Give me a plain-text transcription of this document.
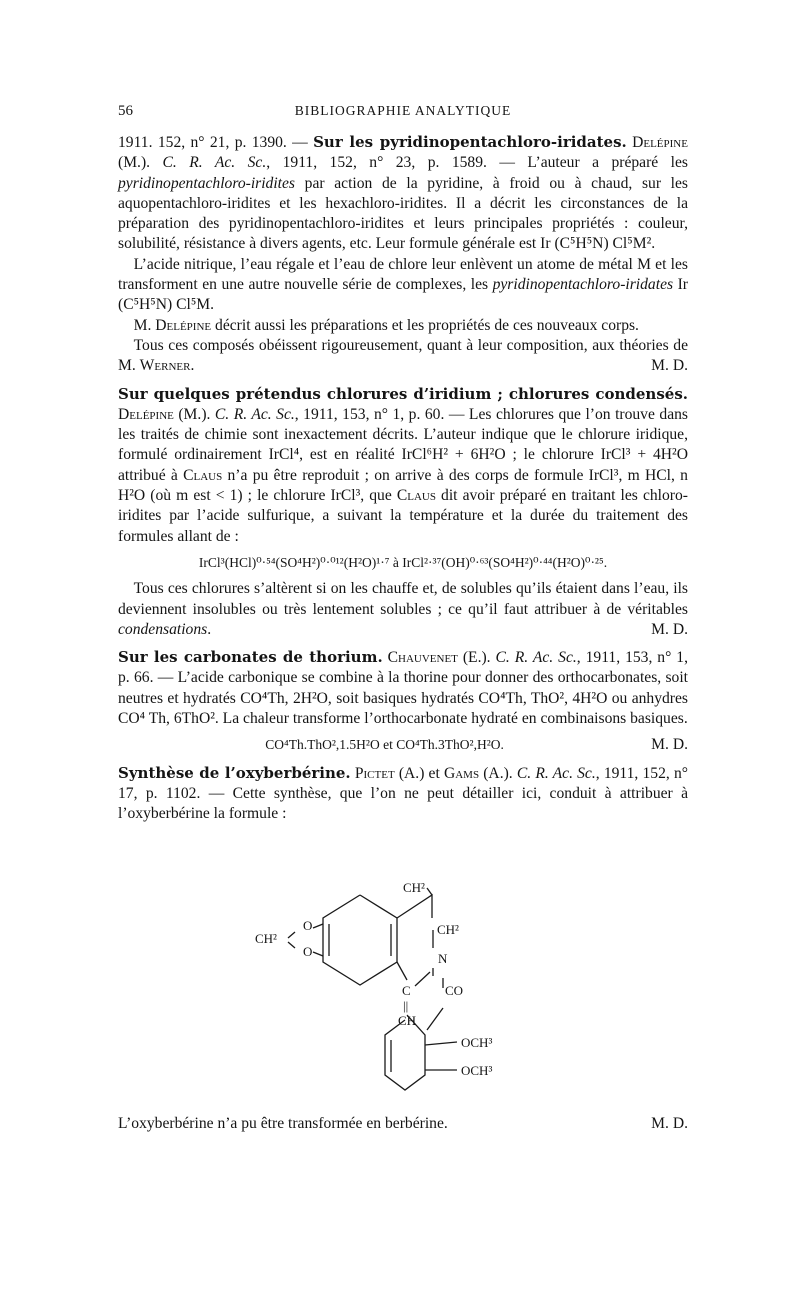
56	BIBLIOGRAPHIE ANALYTIQUE

1911. 152, n° 21, p. 1390. — Sur les pyridinopentachloro-iridates. Delépine (M.). C. R. Ac. Sc., 1911, 152, n° 23, p. 1589. — L’auteur a préparé les pyridinopentachloro-iridites par action de la pyridine, à froid ou à chaud, sur les aquopentachloro-iridites et les hexachloro-iridites. Il a décrit les circonstances de la préparation des pyridinopentachloro-iridites et leurs principales propriétés : couleur, solubilité, résistance à divers agents, etc. Leur formule générale est Ir (C⁵H⁵N) Cl⁵M².

 L’acide nitrique, l’eau régale et l’eau de chlore leur enlèvent un atome de métal M et les transforment en une autre nouvelle série de complexes, les pyridinopentachloro-iridates Ir (C⁵H⁵N) Cl⁵M.

 M. Delépine décrit aussi les préparations et les propriétés de ces nouveaux corps.

 Tous ces composés obéissent rigoureusement, quant à leur composition, aux théories de M. Werner.	M. D.

Sur quelques prétendus chlorures d’iridium ; chlorures condensés. Delépine (M.). C. R. Ac. Sc., 1911, 153, n° 1, p. 60. — Les chlorures que l’on trouve dans les traités de chimie sont inexactement décrits. L’auteur indique que le chlorure iridique, formulé ordinairement IrCl⁴, est en réalité IrCl⁶H² + 6H²O ; le chlorure IrCl³ + 4H²O attribué à Claus n’a pu être reproduit ; on arrive à des corps de formule IrCl³, m HCl, n H²O (où m est < 1) ; le chlorure IrCl³, que Claus dit avoir préparé en traitant les chloro-iridites par l’acide sulfurique, a suivant la température et la durée du traitement des formules allant de :

IrCl³(HCl)⁰·⁵⁴(SO⁴H²)⁰·⁰¹²(H²O)¹·⁷ à IrCl²·³⁷(OH)⁰·⁶³(SO⁴H²)⁰·⁴⁴(H²O)⁰·²⁵.

 Tous ces chlorures s’altèrent si on les chauffe et, de solubles qu’ils étaient dans l’eau, ils deviennent insolubles ou très lentement solubles ; ce qu’il faut attribuer à de véritables condensations.	M. D.

Sur les carbonates de thorium. Chauvenet (E.). C. R. Ac. Sc., 1911, 153, n° 1, p. 66. — L’acide carbonique se combine à la thorine pour donner des orthocarbonates, soit neutres et hydratés CO⁴Th, 2H²O, soit basiques hydratés CO⁴Th, ThO², 4H²O ou anhydres CO⁴ Th, 6ThO². La chaleur transforme l’orthocarbonate hydraté en combinaisons basiques.

CO⁴Th.ThO²,1.5H²O et CO⁴Th.3ThO²,H²O.	M. D.

Synthèse de l’oxyberbérine. Pictet (A.) et Gams (A.). C. R. Ac. Sc., 1911, 152, n° 17, p. 1102. — Cette synthèse, que l’on ne peut détailler ici, conduit à attribuer à l’oxyberbérine la formule :

CH²
CH²
O
O
CH²
N
C	CO
||
CH
OCH³
OCH³
L’oxyberbérine n’a pu être transformée en berbérine.	M. D.
